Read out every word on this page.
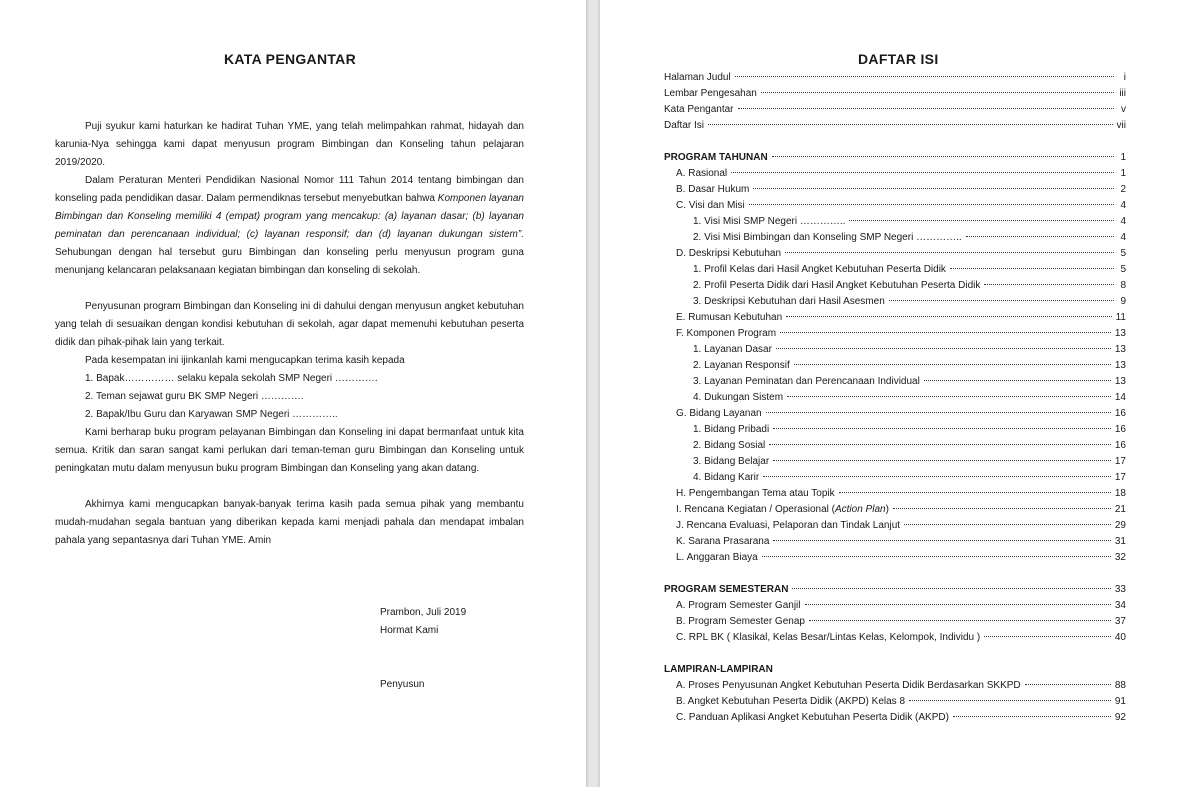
KATA PENGANTAR

Puji syukur kami haturkan ke hadirat Tuhan YME, yang telah melimpahkan rahmat, hidayah dan karunia-Nya sehingga kami dapat menyusun program Bimbingan dan Konseling tahun pelajaran 2019/2020.

Dalam Peraturan Menteri Pendidikan Nasional Nomor 111 Tahun 2014 tentang bimbingan dan konseling pada pendidikan dasar. Dalam permendiknas tersebut menyebutkan bahwa Komponen layanan Bimbingan dan Konseling memiliki 4 (empat) program yang mencakup: (a) layanan dasar; (b) layanan peminatan dan perencanaan individual; (c) layanan responsif; dan (d) layanan dukungan sistem”. Sehubungan dengan hal tersebut guru Bimbingan dan konseling perlu menyusun program guna menunjang kelancaran pelaksanaan kegiatan bimbingan dan konseling di sekolah.

Penyusunan program Bimbingan dan Konseling ini di dahului dengan menyusun angket kebutuhan yang telah di sesuaikan dengan kondisi kebutuhan di sekolah, agar dapat memenuhi kebutuhan peserta didik dan pihak-pihak lain yang terkait.

Pada kesempatan ini ijinkanlah kami mengucapkan terima kasih kepada

1. Bapak…………… selaku kepala sekolah SMP Negeri ………….
2. Teman sejawat guru BK SMP Negeri ………….
2. Bapak/Ibu Guru dan Karyawan SMP Negeri …………..

Kami berharap buku program pelayanan Bimbingan dan Konseling ini dapat bermanfaat untuk kita semua. Kritik dan saran sangat kami perlukan dari teman-teman guru Bimbingan dan Konseling untuk peningkatan mutu dalam menyusun buku program Bimbingan dan Konseling yang akan datang.

Akhirnya kami mengucapkan banyak-banyak terima kasih pada semua pihak yang membantu mudah-mudahan segala bantuan yang diberikan kepada kami menjadi pahala dan mendapat imbalan pahala yang sepantasnya dari Tuhan YME. Amin

Prambon, Juli 2019
Hormat Kami
Penyusun
DAFTAR ISI
Halaman Judul	i
Lembar Pengesahan	iii
Kata Pengantar	v
Daftar Isi	vii
PROGRAM TAHUNAN	1
A. Rasional	1
B. Dasar Hukum	2
C. Visi dan Misi	4
1. Visi Misi SMP Negeri …………..	4
2. Visi Misi Bimbingan dan Konseling SMP Negeri …………..	4
D. Deskripsi Kebutuhan	5
1. Profil Kelas dari Hasil Angket Kebutuhan Peserta Didik	5
2. Profil Peserta Didik dari Hasil Angket Kebutuhan Peserta Didik	8
3. Deskripsi Kebutuhan dari Hasil Asesmen	9
E. Rumusan Kebutuhan	11
F. Komponen Program	13
1. Layanan Dasar	13
2. Layanan Responsif	13
3. Layanan Peminatan dan Perencanaan Individual	13
4. Dukungan Sistem	14
G. Bidang Layanan	16
1. Bidang Pribadi	16
2. Bidang Sosial	16
3. Bidang Belajar	17
4. Bidang Karir	17
H. Pengembangan Tema atau Topik	18
I. Rencana Kegiatan / Operasional (Action Plan)	21
J. Rencana Evaluasi, Pelaporan dan Tindak Lanjut	29
K. Sarana Prasarana	31
L. Anggaran Biaya	32
PROGRAM SEMESTERAN	33
A. Program Semester Ganjil	34
B. Program Semester Genap	37
C. RPL BK ( Klasikal, Kelas Besar/Lintas Kelas, Kelompok, Individu )	40
LAMPIRAN-LAMPIRAN
A. Proses Penyusunan Angket Kebutuhan Peserta Didik Berdasarkan SKKPD	88
B. Angket Kebutuhan Peserta Didik (AKPD) Kelas 8	91
C. Panduan Aplikasi Angket Kebutuhan Peserta Didik (AKPD)	92
